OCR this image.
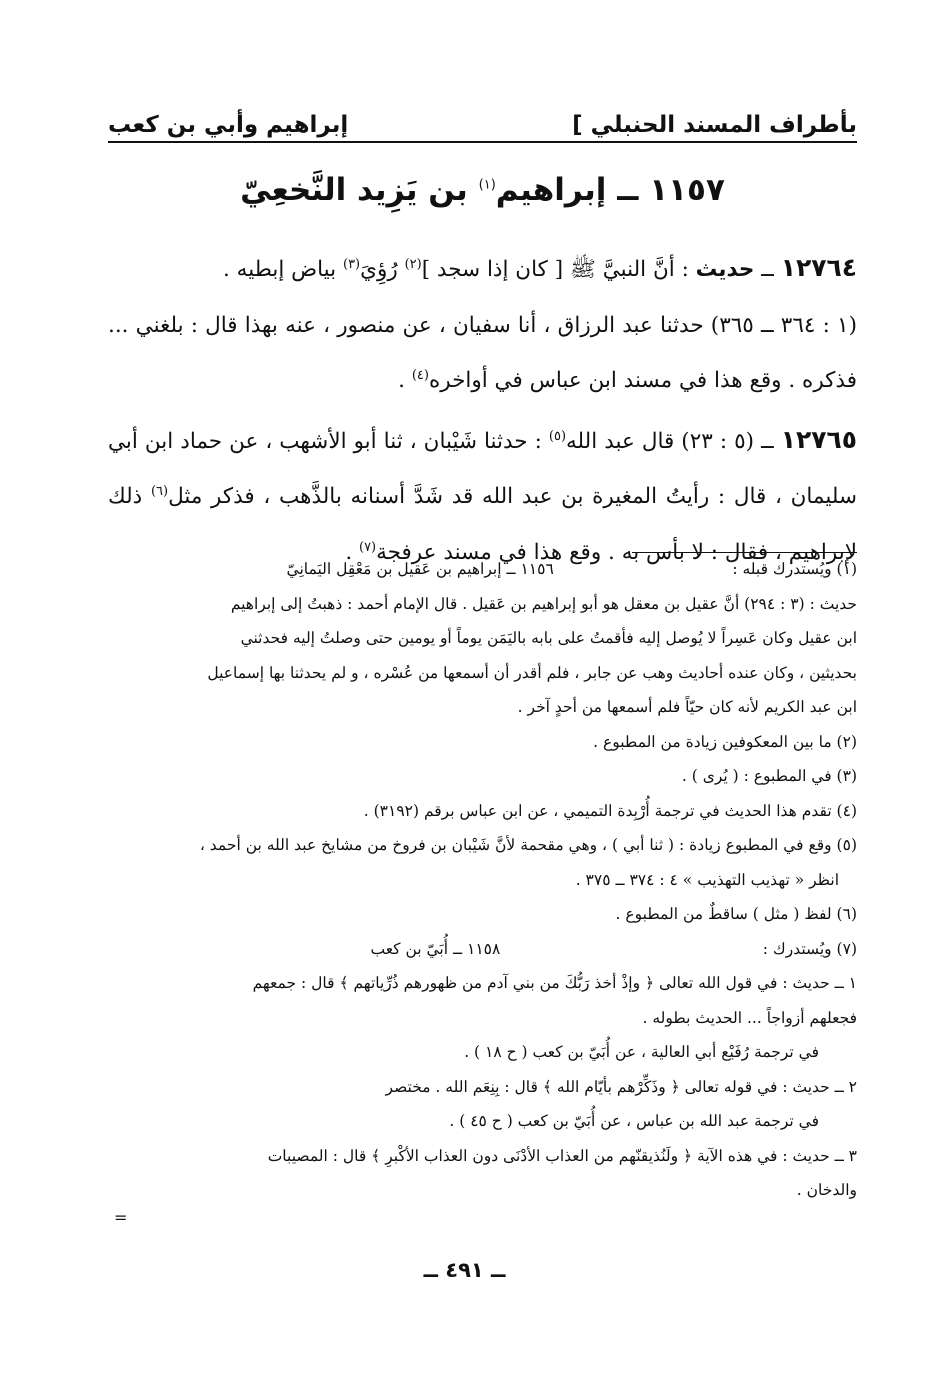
بأطراف المسند الحنبلي ]
إبراهيم وأبي بن كعب
١١٥٧ ــ إبراهيم$^{(١)}$ بن يَزِيد النَّخعِيّ
١٢٧٦٤ ــ حديث : أنَّ النبيَّ ﷺ [ كان إذا سجد ]$^{(٢)}$ رُؤِيَ$^{(٣)}$ بياض إبطيه .
(١ : ٣٦٤ ــ ٣٦٥) حدثنا عبد الرزاق ، أنا سفيان ، عن منصور ، عنه بهذا قال : بلغني ... فذكره . وقع هذا في مسند ابن عباس في أواخره$^{(٤)}$ .
١٢٧٦٥ ــ (٥ : ٢٣) قال عبد الله$^{(٥)}$ : حدثنا شَيْبان ، ثنا أبو الأشهب ، عن حماد ابن أبي سليمان ، قال : رأيتُ المغيرة بن عبد الله قد شَدَّ أسنانه بالذَّهب ، فذكر مثل$^{(٦)}$ ذلك لإبراهيم ، فقال : لا بأس به . وقع هذا في مسند عرفجة$^{(٧)}$ .
(١) ويُستدرك قبله :
١١٥٦ ــ إبراهيم بن عَقيل بن مَعْقِل اليَمانِيّ
حديث : (٣ : ٢٩٤) أنَّ عقيل بن معقل هو أبو إبراهيم بن عَقيل . قال الإمام أحمد : ذهبتُ إلى إبراهيم
ابن عقيل وكان عَسِراً لا يُوصل إليه فأقمتُ على بابه باليَمَن يوماً أو يومين حتى وصلتُ إليه فحدثني
بحديثين ، وكان عنده أحاديث وهب عن جابر ، فلم أقدر أن أسمعها من عُسْره ، و لم يحدثنا بها إسماعيل
ابن عبد الكريم لأنه كان حيّاً فلم أسمعها من أحدٍ آخر .
(٢) ما بين المعكوفين زيادة من المطبوع .
(٣) في المطبوع : ( يُرى ) .
(٤) تقدم هذا الحديث في ترجمة أُرْبِدة التميمي ، عن ابن عباس برقم (٣١٩٢) .
(٥) وقع في المطبوع زيادة : ( ثنا أبي ) ، وهي مقحمة لأنَّ شَيْبان بن فروخ من مشايخ عبد الله بن أحمد ،
انظر « تهذيب التهذيب » ٤ : ٣٧٤ ــ ٣٧٥ .
(٦) لفظ ( مثل ) ساقطٌ من المطبوع .
(٧) ويُستدرك :
١١٥٨ ــ أُبَيّ بن كعب
١ ــ حديث : في قول الله تعالى ﴿ وإذْ أخذ رَبُّكَ من بني آدم من ظهورهم ذُرِّياتهم ﴾ قال : جمعهم
فجعلهم أزواجاً ... الحديث بطوله .
في ترجمة رُفَيْع أبي العالية ، عن أُبَيّ بن كعب ( ح ١٨ ) .
٢ ــ حديث : في قوله تعالى ﴿ وذَكِّرْهم بأيّام الله ﴾ قال : بِنِعَم الله . مختصر
في ترجمة عبد الله بن عباس ، عن أُبَيّ بن كعب ( ح ٤٥ ) .
٣ ــ حديث : في هذه الآية ﴿ ولَنُذيقنّهم من العذاب الأدْنَى دون العذاب الأكْبرِ ﴾ قال : المصيبات
والدخان .
=
ــ ٤٩١ ــ
